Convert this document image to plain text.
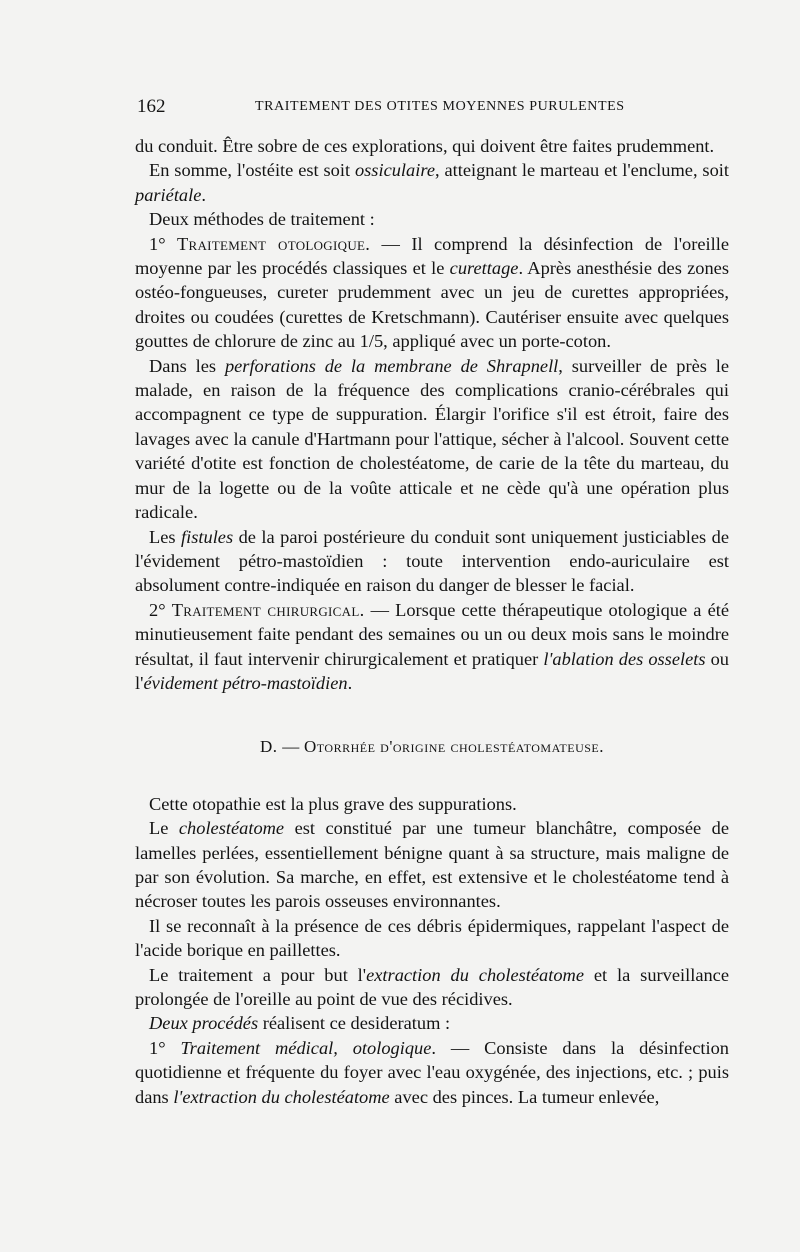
162	TRAITEMENT DES OTITES MOYENNES PURULENTES

du conduit. Être sobre de ces explorations, qui doivent être faites prudemment.

En somme, l'ostéite est soit ossiculaire, atteignant le marteau et l'enclume, soit pariétale.

Deux méthodes de traitement :

1° Traitement otologique. — Il comprend la désinfection de l'oreille moyenne par les procédés classiques et le curettage. Après anesthésie des zones ostéo-fongueuses, cureter prudemment avec un jeu de curettes appropriées, droites ou coudées (curettes de Kretschmann). Cautériser ensuite avec quelques gouttes de chlorure de zinc au 1/5, appliqué avec un porte-coton.

Dans les perforations de la membrane de Shrapnell, surveiller de près le malade, en raison de la fréquence des complications cranio-cérébrales qui accompagnent ce type de suppuration. Élargir l'orifice s'il est étroit, faire des lavages avec la canule d'Hartmann pour l'attique, sécher à l'alcool. Souvent cette variété d'otite est fonction de cholestéatome, de carie de la tête du marteau, du mur de la logette ou de la voûte atticale et ne cède qu'à une opération plus radicale.

Les fistules de la paroi postérieure du conduit sont uniquement justiciables de l'évidement pétro-mastoïdien : toute intervention endo-auriculaire est absolument contre-indiquée en raison du danger de blesser le facial.

2° Traitement chirurgical. — Lorsque cette thérapeutique otologique a été minutieusement faite pendant des semaines ou un ou deux mois sans le moindre résultat, il faut intervenir chirurgicalement et pratiquer l'ablation des osselets ou l'évidement pétro-mastoïdien.

D. — Otorrhée d'origine cholestéatomateuse.

Cette otopathie est la plus grave des suppurations.

Le cholestéatome est constitué par une tumeur blanchâtre, composée de lamelles perlées, essentiellement bénigne quant à sa structure, mais maligne de par son évolution. Sa marche, en effet, est extensive et le cholestéatome tend à nécroser toutes les parois osseuses environnantes.

Il se reconnaît à la présence de ces débris épidermiques, rappelant l'aspect de l'acide borique en paillettes.

Le traitement a pour but l'extraction du cholestéatome et la surveillance prolongée de l'oreille au point de vue des récidives.

Deux procédés réalisent ce desideratum :

1° Traitement médical, otologique. — Consiste dans la désinfection quotidienne et fréquente du foyer avec l'eau oxygénée, des injections, etc. ; puis dans l'extraction du cholestéatome avec des pinces. La tumeur enlevée,
